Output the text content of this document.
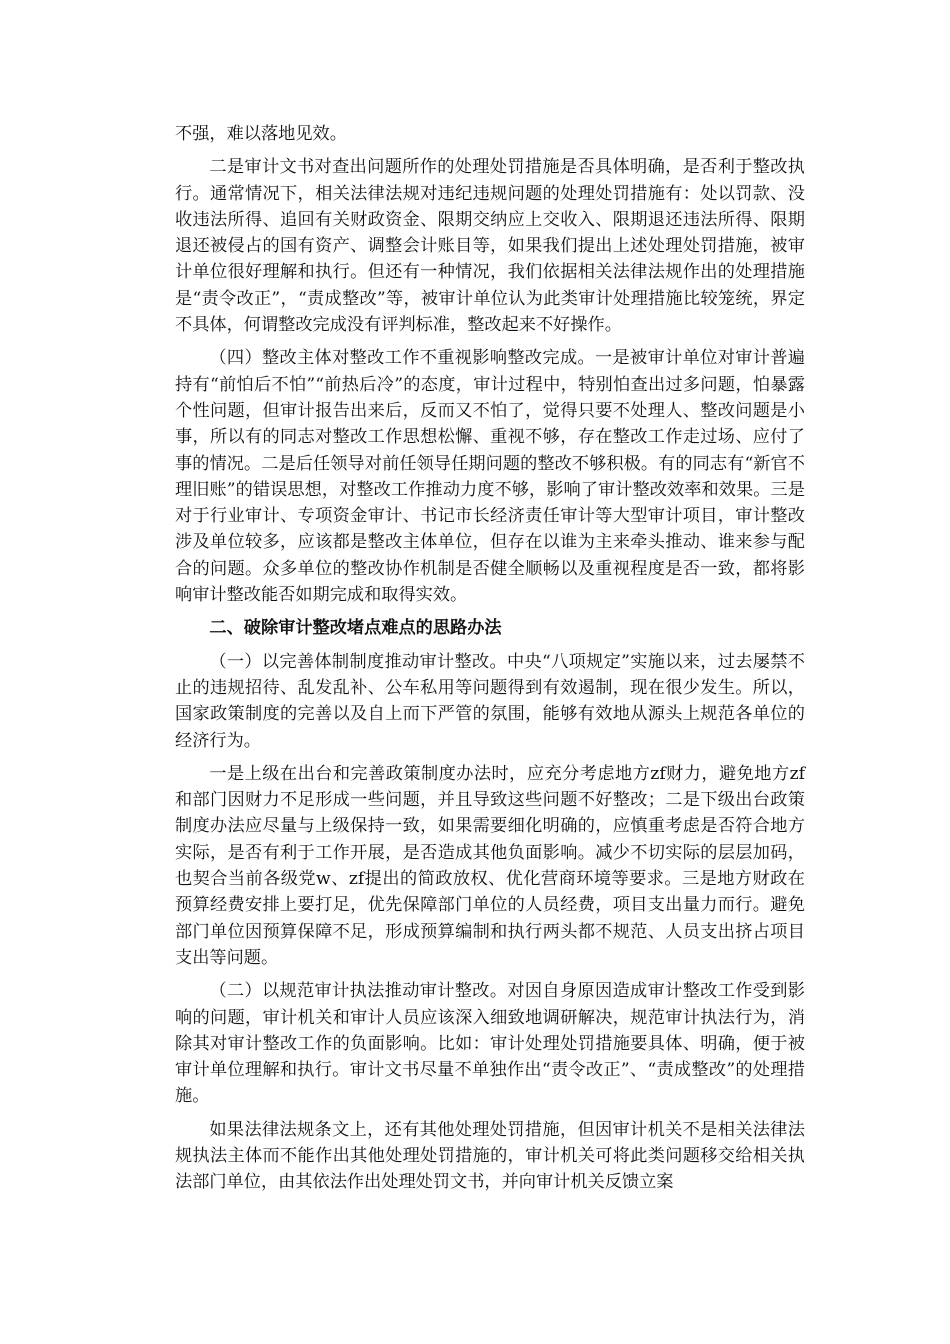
不强，难以落地见效。

二是审计文书对查出问题所作的处理处罚措施是否具体明确，是否利于整改执行。通常情况下，相关法律法规对违纪违规问题的处理处罚措施有：处以罚款、没收违法所得、追回有关财政资金、限期交纳应上交收入、限期退还违法所得、限期退还被侵占的国有资产、调整会计账目等，如果我们提出上述处理处罚措施，被审计单位很好理解和执行。但还有一种情况，我们依据相关法律法规作出的处理措施是“责令改正”，“责成整改”等，被审计单位认为此类审计处理措施比较笼统，界定不具体，何谓整改完成没有评判标准，整改起来不好操作。

（四）整改主体对整改工作不重视影响整改完成。一是被审计单位对审计普遍持有“前怕后不怕”“前热后冷”的态度，审计过程中，特别怕查出过多问题，怕暴露个性问题，但审计报告出来后，反而又不怕了，觉得只要不处理人、整改问题是小事，所以有的同志对整改工作思想松懈、重视不够，存在整改工作走过场、应付了事的情况。二是后任领导对前任领导任期问题的整改不够积极。有的同志有“新官不理旧账”的错误思想，对整改工作推动力度不够，影响了审计整改效率和效果。三是对于行业审计、专项资金审计、书记市长经济责任审计等大型审计项目，审计整改涉及单位较多，应该都是整改主体单位，但存在以谁为主来牵头推动、谁来参与配合的问题。众多单位的整改协作机制是否健全顺畅以及重视程度是否一致，都将影响审计整改能否如期完成和取得实效。

二、破除审计整改堵点难点的思路办法

（一）以完善体制制度推动审计整改。中央“八项规定”实施以来，过去屡禁不止的违规招待、乱发乱补、公车私用等问题得到有效遏制，现在很少发生。所以，国家政策制度的完善以及自上而下严管的氛围，能够有效地从源头上规范各单位的经济行为。

一是上级在出台和完善政策制度办法时，应充分考虑地方zf财力，避免地方zf和部门因财力不足形成一些问题，并且导致这些问题不好整改；二是下级出台政策制度办法应尽量与上级保持一致，如果需要细化明确的，应慎重考虑是否符合地方实际，是否有利于工作开展，是否造成其他负面影响。减少不切实际的层层加码，也契合当前各级党w、zf提出的简政放权、优化营商环境等要求。三是地方财政在预算经费安排上要打足，优先保障部门单位的人员经费，项目支出量力而行。避免部门单位因预算保障不足，形成预算编制和执行两头都不规范、人员支出挤占项目支出等问题。

（二）以规范审计执法推动审计整改。对因自身原因造成审计整改工作受到影响的问题，审计机关和审计人员应该深入细致地调研解决，规范审计执法行为，消除其对审计整改工作的负面影响。比如：审计处理处罚措施要具体、明确，便于被审计单位理解和执行。审计文书尽量不单独作出“责令改正”、“责成整改”的处理措施。

如果法律法规条文上，还有其他处理处罚措施，但因审计机关不是相关法律法规执法主体而不能作出其他处理处罚措施的，审计机关可将此类问题移交给相关执法部门单位，由其依法作出处理处罚文书，并向审计机关反馈立案
